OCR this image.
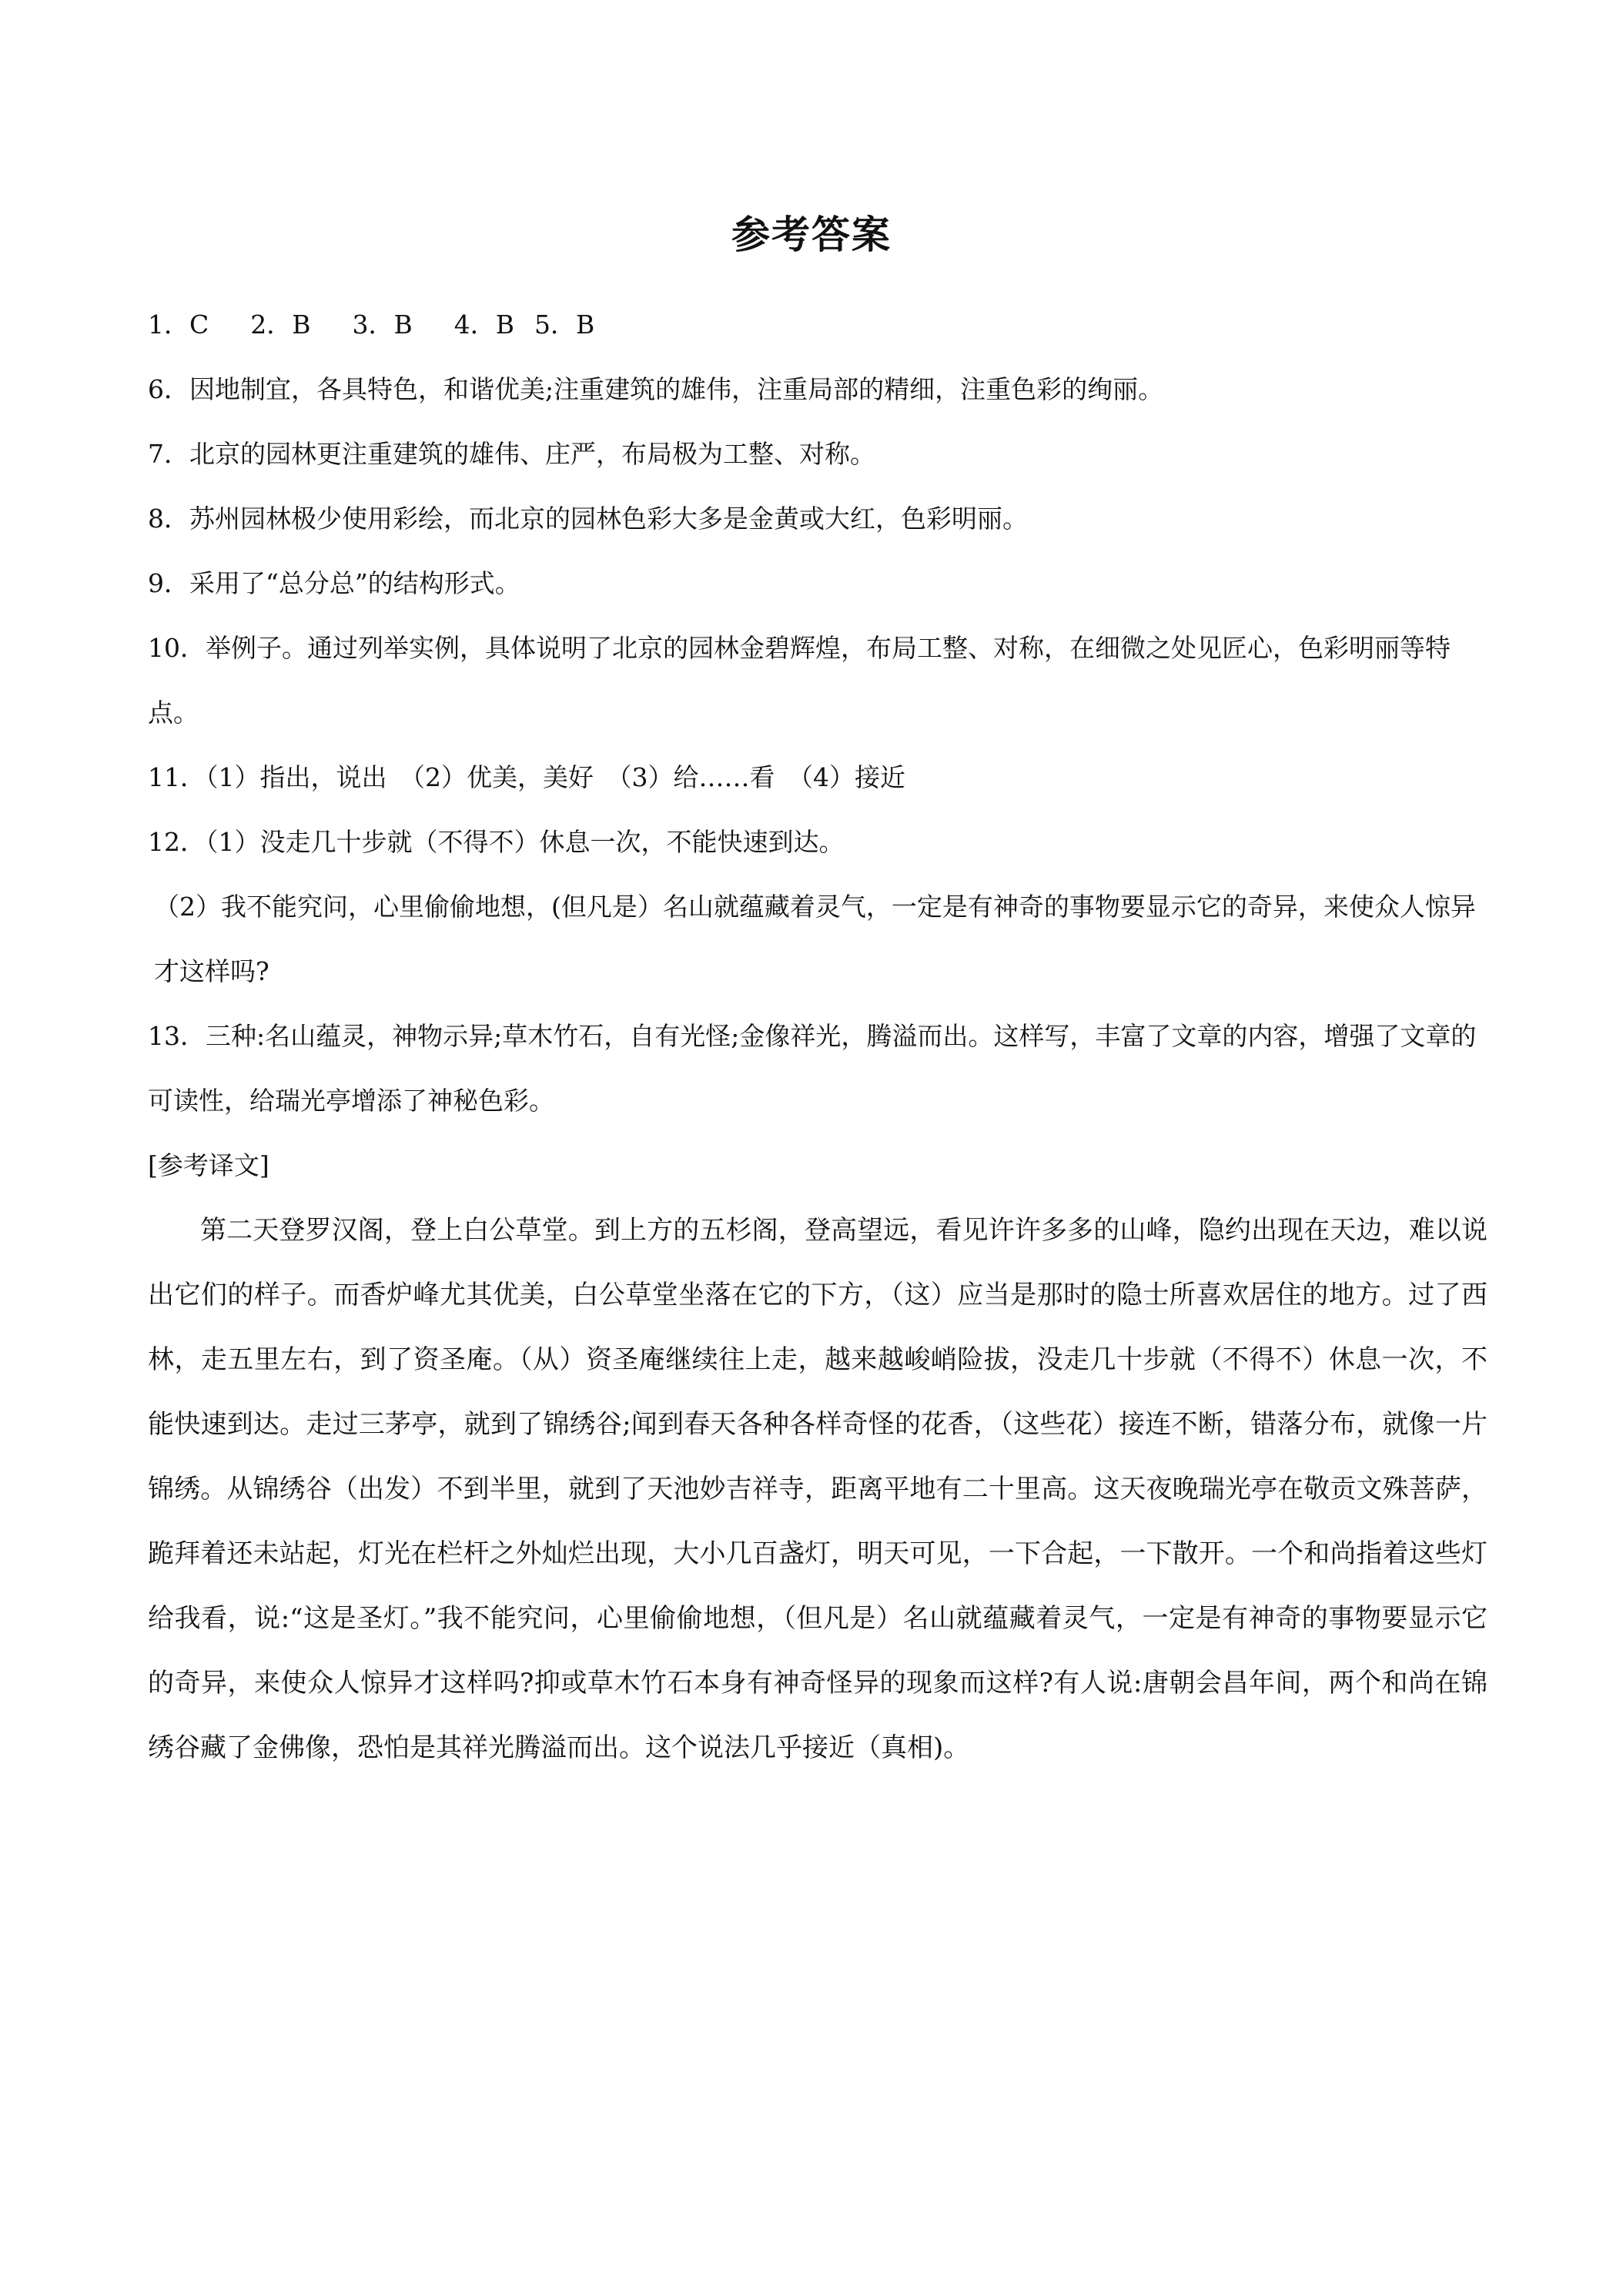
参考答案

1．C 2．B 3．B 4．B 5．B

6．因地制宜，各具特色，和谐优美;注重建筑的雄伟，注重局部的精细，注重色彩的绚丽。

7．北京的园林更注重建筑的雄伟、庄严，布局极为工整、对称。

8．苏州园林极少使用彩绘，而北京的园林色彩大多是金黄或大红，色彩明丽。

9．采用了“总分总”的结构形式。

10．举例子。通过列举实例，具体说明了北京的园林金碧辉煌，布局工整、对称，在细微之处见匠心，色彩明丽等特点。

11．（1）指出，说出　（2）优美，美好　（3）给……看　（4）接近

12．（1）没走几十步就（不得不）休息一次，不能快速到达。

（2）我不能究问，心里偷偷地想，(但凡是）名山就蕴藏着灵气，一定是有神奇的事物要显示它的奇异，来使众人惊异才这样吗?

13．三种:名山蕴灵，神物示异;草木竹石，自有光怪;金像祥光，腾溢而出。这样写，丰富了文章的内容，增强了文章的可读性，给瑞光亭增添了神秘色彩。

[参考译文]

第二天登罗汉阁，登上白公草堂。到上方的五杉阁，登高望远，看见许许多多的山峰，隐约出现在天边，难以说出它们的样子。而香炉峰尤其优美，白公草堂坐落在它的下方，（这）应当是那时的隐士所喜欢居住的地方。过了西林，走五里左右，到了资圣庵。（从）资圣庵继续往上走，越来越峻峭险拔，没走几十步就（不得不）休息一次，不能快速到达。走过三茅亭，就到了锦绣谷;闻到春天各种各样奇怪的花香，（这些花）接连不断，错落分布，就像一片锦绣。从锦绣谷（出发）不到半里，就到了天池妙吉祥寺，距离平地有二十里高。这天夜晚瑞光亭在敬贡文殊菩萨，跪拜着还未站起，灯光在栏杆之外灿烂出现，大小几百盏灯，明天可见，一下合起，一下散开。一个和尚指着这些灯给我看，说:“这是圣灯。”我不能究问，心里偷偷地想，（但凡是）名山就蕴藏着灵气，一定是有神奇的事物要显示它的奇异，来使众人惊异才这样吗?抑或草木竹石本身有神奇怪异的现象而这样?有人说:唐朝会昌年间，两个和尚在锦绣谷藏了金佛像，恐怕是其祥光腾溢而出。这个说法几乎接近（真相)。
